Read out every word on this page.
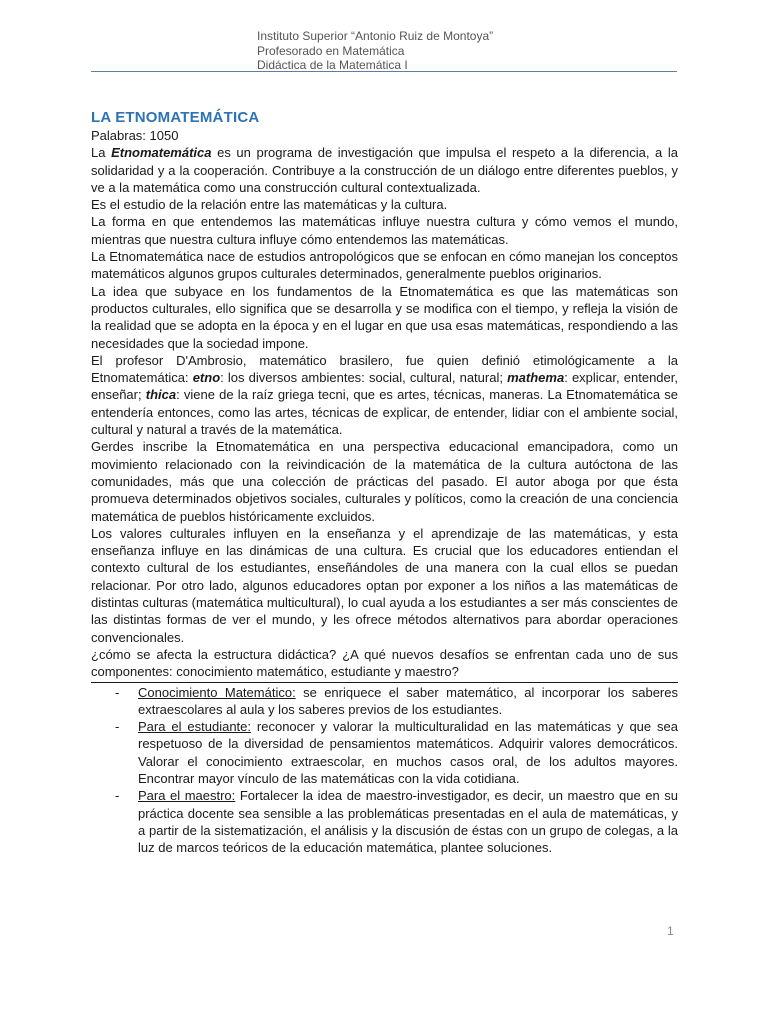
Instituto Superior “Antonio Ruiz de Montoya”
Profesorado en Matemática
Didáctica de la Matemática I
LA ETNOMATEMÁTICA

Palabras: 1050

La Etnomatemática es un programa de investigación que impulsa el respeto a la diferencia, a la solidaridad y a la cooperación. Contribuye a la construcción de un diálogo entre diferentes pueblos, y ve a la matemática como una construcción cultural contextualizada.

Es el estudio de la relación entre las matemáticas y la cultura.

La forma en que entendemos las matemáticas influye nuestra cultura y cómo vemos el mundo, mientras que nuestra cultura influye cómo entendemos las matemáticas.

La Etnomatemática nace de estudios antropológicos que se enfocan en cómo manejan los conceptos matemáticos algunos grupos culturales determinados, generalmente pueblos originarios.

La idea que subyace en los fundamentos de la Etnomatemática es que las matemáticas son productos culturales, ello significa que se desarrolla y se modifica con el tiempo, y refleja la visión de la realidad que se adopta en la época y en el lugar en que usa esas matemáticas, respondiendo a las necesidades que la sociedad impone.

El profesor D'Ambrosio, matemático brasilero, fue quien definió etimológicamente a la Etnomatemática: etno: los diversos ambientes: social, cultural, natural; mathema: explicar, entender, enseñar; thica: viene de la raíz griega tecni, que es artes, técnicas, maneras. La Etnomatemática se entendería entonces, como las artes, técnicas de explicar, de entender, lidiar con el ambiente social, cultural y natural a través de la matemática.

Gerdes inscribe la Etnomatemática en una perspectiva educacional emancipadora, como un movimiento relacionado con la reivindicación de la matemática de la cultura autóctona de las comunidades, más que una colección de prácticas del pasado. El autor aboga por que ésta promueva determinados objetivos sociales, culturales y políticos, como la creación de una conciencia matemática de pueblos históricamente excluidos.

Los valores culturales influyen en la enseñanza y el aprendizaje de las matemáticas, y esta enseñanza influye en las dinámicas de una cultura. Es crucial que los educadores entiendan el contexto cultural de los estudiantes, enseñándoles de una manera con la cual ellos se puedan relacionar. Por otro lado, algunos educadores optan por exponer a los niños a las matemáticas de distintas culturas (matemática multicultural), lo cual ayuda a los estudiantes a ser más conscientes de las distintas formas de ver el mundo, y les ofrece métodos alternativos para abordar operaciones convencionales.

¿cómo se afecta la estructura didáctica? ¿A qué nuevos desafíos se enfrentan cada uno de sus componentes: conocimiento matemático, estudiante y maestro?

- Conocimiento Matemático: se enriquece el saber matemático, al incorporar los saberes extraescolares al aula y los saberes previos de los estudiantes.
- Para el estudiante: reconocer y valorar la multiculturalidad en las matemáticas y que sea respetuoso de la diversidad de pensamientos matemáticos. Adquirir valores democráticos. Valorar el conocimiento extraescolar, en muchos casos oral, de los adultos mayores. Encontrar mayor vínculo de las matemáticas con la vida cotidiana.
- Para el maestro: Fortalecer la idea de maestro-investigador, es decir, un maestro que en su práctica docente sea sensible a las problemáticas presentadas en el aula de matemáticas, y a partir de la sistematización, el análisis y la discusión de éstas con un grupo de colegas, a la luz de marcos teóricos de la educación matemática, plantee soluciones.
1
